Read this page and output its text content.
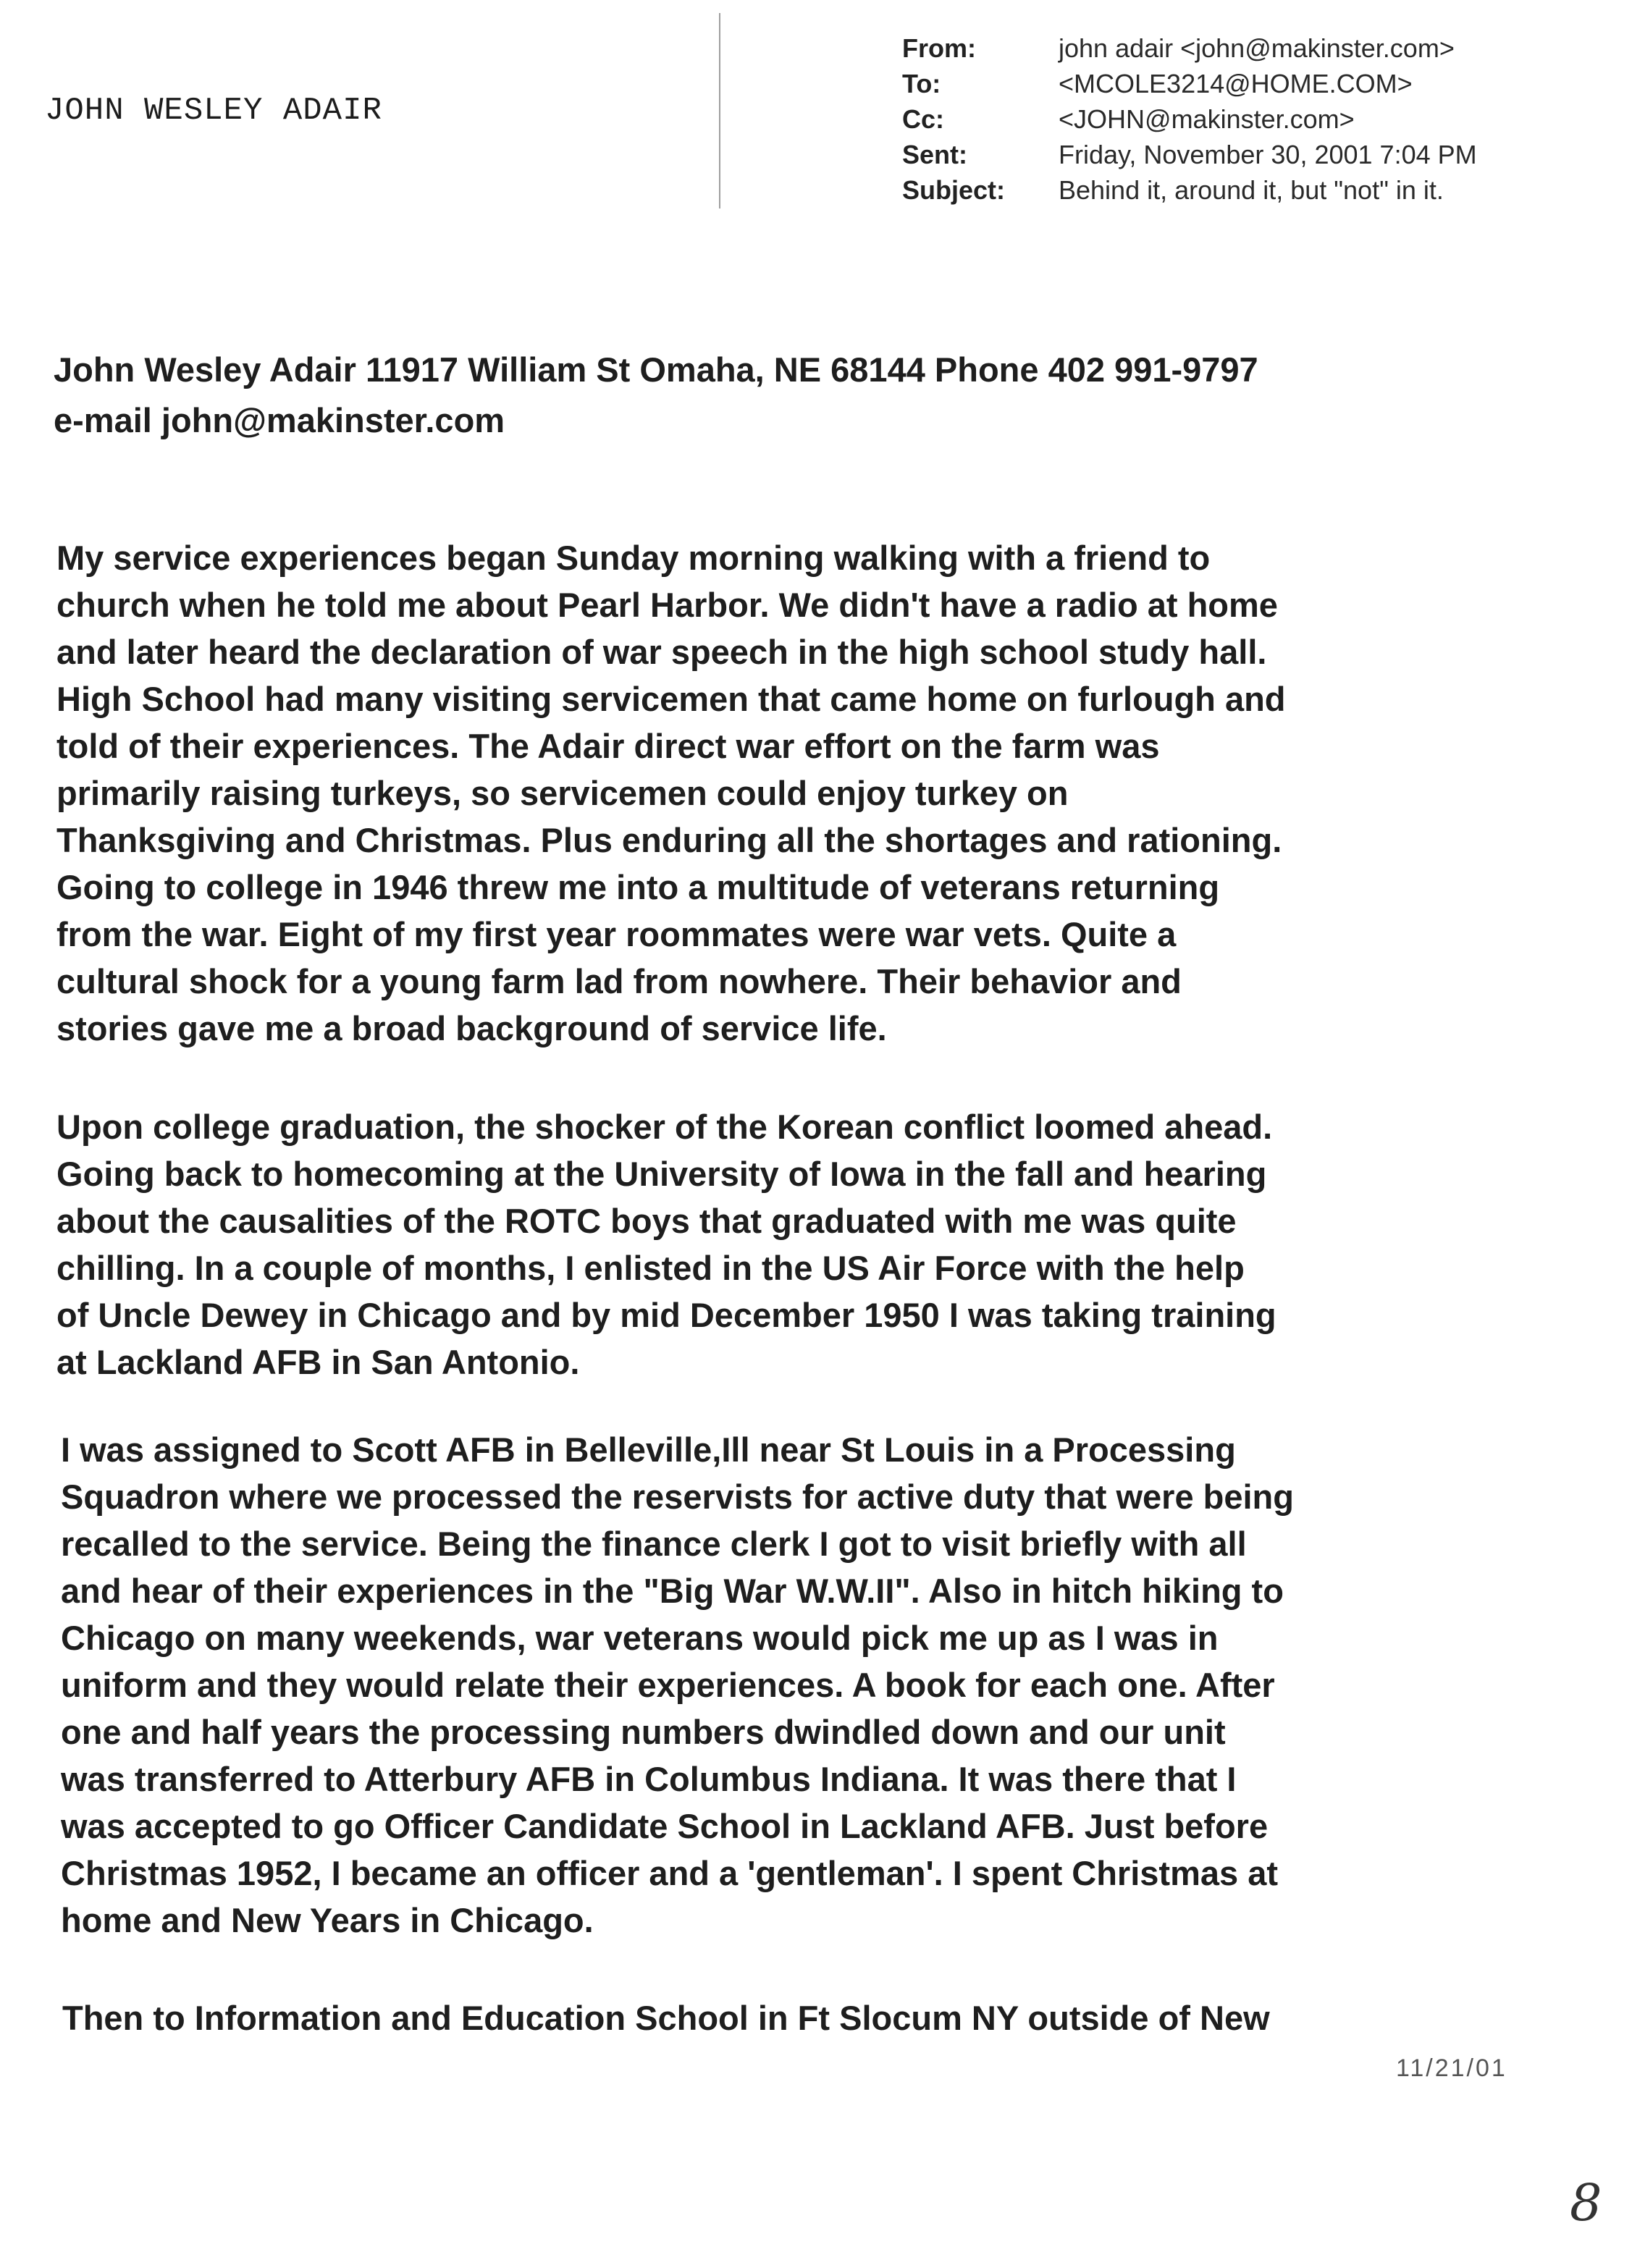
JOHN WESLEY ADAIR
From:	john adair <john@makinster.com>
To:	<MCOLE3214@HOME.COM>
Cc:	<JOHN@makinster.com>
Sent:	Friday, November 30, 2001 7:04 PM
Subject:	Behind it, around it, but "not" in it.
John Wesley Adair 11917 William St Omaha, NE 68144 Phone 402 991-9797
e-mail john@makinster.com
My service experiences began Sunday morning walking with a friend to
church when he told me about Pearl Harbor. We didn't have a radio at home
and later heard the declaration of war speech in the high school study hall.
High School had many visiting servicemen that came home on furlough and
told of their experiences. The Adair direct war effort on the farm was
primarily raising turkeys, so servicemen could enjoy turkey on
Thanksgiving and Christmas. Plus enduring all the shortages and rationing.
Going to college in 1946 threw me into a multitude of veterans returning
from the war. Eight of my first year roommates were war vets. Quite a
cultural shock for a young farm lad from nowhere. Their behavior and
stories gave me a broad background of service life.
Upon college graduation, the shocker of the Korean conflict loomed ahead.
Going back to homecoming at the University of Iowa in the fall and hearing
about the causalities of the ROTC boys that graduated with me was quite
chilling. In a couple of months, I enlisted in the US Air Force with the help
of Uncle Dewey in Chicago and by mid December 1950 I was taking training
at Lackland AFB in San Antonio.
I was assigned to Scott AFB in Belleville,Ill near St Louis in a Processing
Squadron where we processed the reservists for active duty that were being
recalled to the service. Being the finance clerk I got to visit briefly with all
and hear of their experiences in the "Big War W.W.II". Also in hitch hiking to
Chicago on many weekends, war veterans would pick me up as I was in
uniform and they would relate their experiences. A book for each one. After
one and half years the processing numbers dwindled down and our unit
was transferred to Atterbury AFB in Columbus Indiana. It was there that I
was accepted to go Officer Candidate School in Lackland AFB. Just before
Christmas 1952, I became an officer and a 'gentleman'. I spent Christmas at
home and New Years in Chicago.
Then to Information and Education School in Ft Slocum NY outside of New
11/21/01
8
